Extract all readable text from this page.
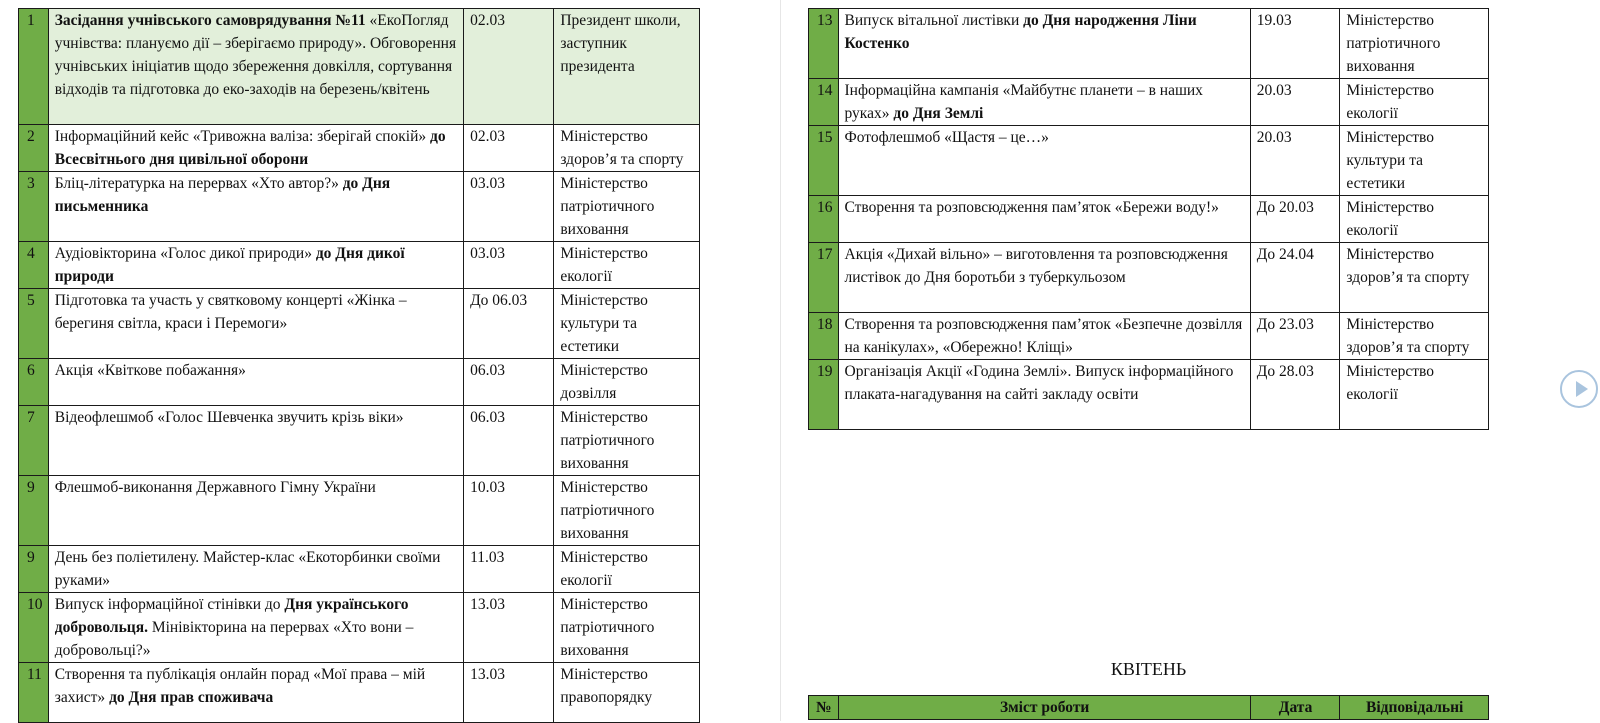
1	Засідання учнівського самоврядування №11 «ЕкоПогляд учнівства: плануємо дії – зберігаємо природу». Обговорення учнівських ініціатив щодо збереження довкілля, сортування відходів та підготовка до еко-заходів на березень/квітень	02.03	Президент школи, заступник президента
2	Інформаційний кейс «Тривожна валіза: зберігай спокій» до Всесвітнього дня цивільної оборони	02.03	Міністерство здоров’я та спорту
3	Бліц-літературка на перервах «Хто автор?» до Дня письменника	03.03	Міністерство патріотичного виховання
4	Аудіовікторина «Голос дикої природи» до Дня дикої природи	03.03	Міністерство екології
5	Підготовка та участь у святковому концерті «Жінка – берегиня світла, краси і Перемоги»	До 06.03	Міністерство культури та естетики
6	Акція «Квіткове побажання»	06.03	Міністерство дозвілля
7	Відеофлешмоб «Голос Шевченка звучить крізь віки»	06.03	Міністерство патріотичного виховання
9	Флешмоб-виконання Державного Гімну України	10.03	Міністерство патріотичного виховання
9	День без поліетилену. Майстер-клас «Екоторбинки своїми руками»	11.03	Міністерство екології
10	Випуск інформаційної стінівки до Дня українського добровольця. Мінівікторина на перервах «Хто вони – добровольці?»	13.03	Міністерство патріотичного виховання
11	Створення та публікація онлайн порад «Мої права – мій захист» до Дня прав споживача	13.03	Міністерство правопорядку
13	Випуск вітальної листівки до Дня народження Ліни Костенко	19.03	Міністерство патріотичного виховання
14	Інформаційна кампанія «Майбутнє планети – в наших руках» до Дня Землі	20.03	Міністерство екології
15	Фотофлешмоб «Щастя – це…»	20.03	Міністерство культури та естетики
16	Створення та розповсюдження пам’яток «Бережи воду!»	До 20.03	Міністерство екології
17	Акція «Дихай вільно» – виготовлення та розповсюдження листівок до Дня боротьби з туберкульозом	До 24.04	Міністерство здоров’я та спорту
18	Створення та розповсюдження пам’яток «Безпечне дозвілля на канікулах», «Обережно! Кліщі»	До 23.03	Міністерство здоров’я та спорту
19	Організація Акції «Година Землі». Випуск інформаційного плаката-нагадування на сайті закладу освіти	До 28.03	Міністерство екології
КВІТЕНЬ
№	Зміст роботи	Дата	Відповідальні
